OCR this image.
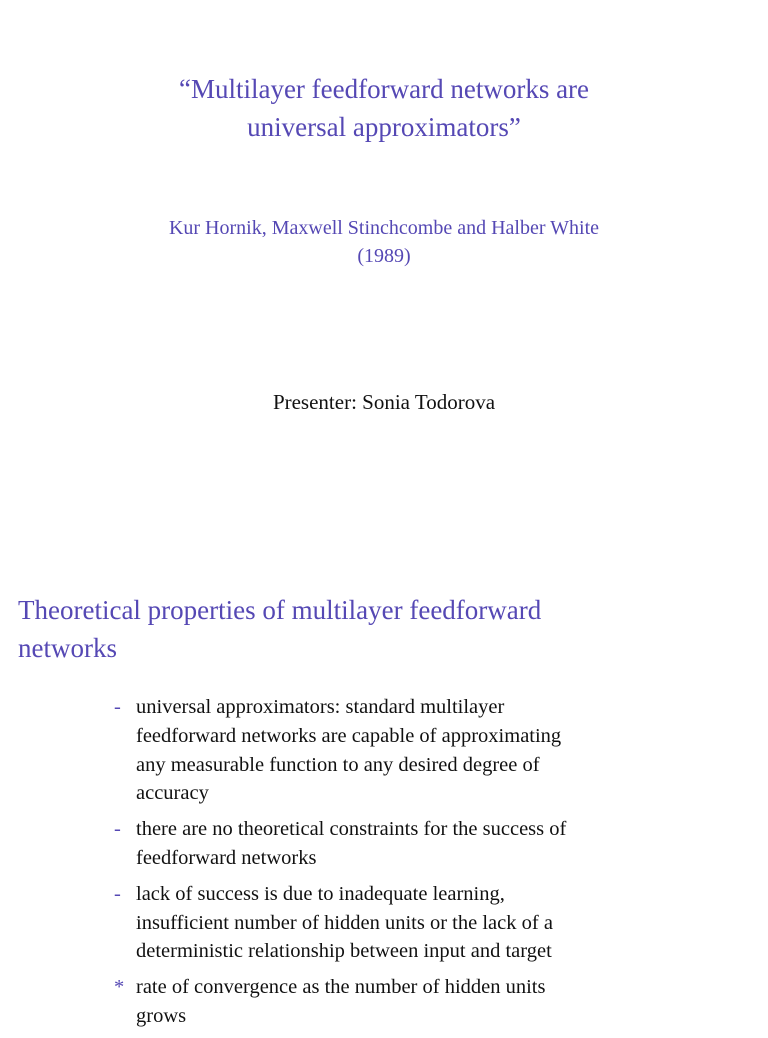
“Multilayer feedforward networks are
universal approximators”
Kur Hornik, Maxwell Stinchcombe and Halber White
(1989)
Presenter: Sonia Todorova
Theoretical properties of multilayer feedforward
networks
- universal approximators: standard multilayer
feedforward networks are capable of approximating
any measurable function to any desired degree of
accuracy
- there are no theoretical constraints for the success of
feedforward networks
- lack of success is due to inadequate learning,
insufficient number of hidden units or the lack of a
deterministic relationship between input and target
* rate of convergence as the number of hidden units
grows
